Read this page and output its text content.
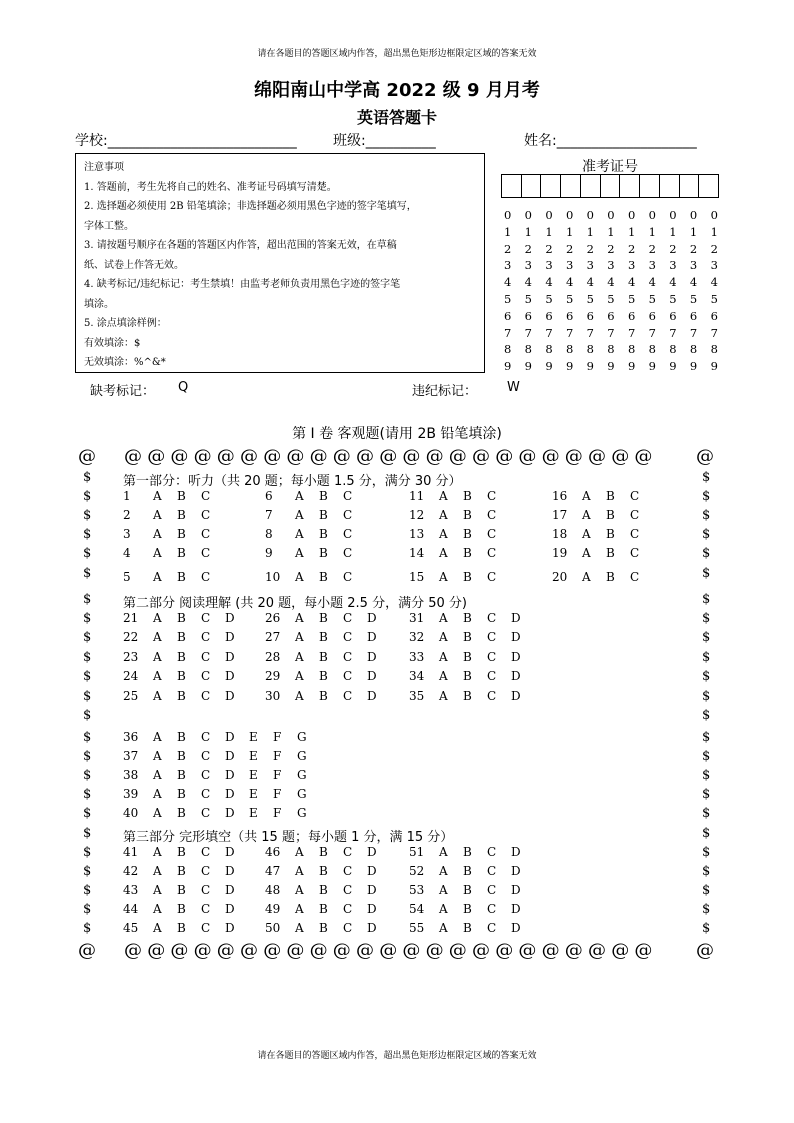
请在各题目的答题区域内作答，超出黑色矩形边框限定区域的答案无效
绵阳南山中学高 2022 级 9 月月考
英语答题卡
学校:___________________________	班级:__________	姓名:____________________
注意事项
1. 答题前，考生先将自己的姓名、准考证号码填写清楚。
2. 选择题必须使用 2B 铅笔填涂；非选择题必须用黑色字迹的签字笔填写，
字体工整。
3. 请按题号顺序在各题的答题区内作答，超出范围的答案无效，在草稿
纸、试卷上作答无效。
4. 缺考标记/违纪标记：考生禁填！由监考老师负责用黑色字迹的签字笔
填涂。
5. 涂点填涂样例：
有效填涂：$
无效填涂：%^&*
准考证号
0 0 0 0 0 0 0 0 0 0 0
1 1 1 1 1 1 1 1 1 1 1
2 2 2 2 2 2 2 2 2 2 2
3 3 3 3 3 3 3 3 3 3 3
4 4 4 4 4 4 4 4 4 4 4
5 5 5 5 5 5 5 5 5 5 5
6 6 6 6 6 6 6 6 6 6 6
7 7 7 7 7 7 7 7 7 7 7
8 8 8 8 8 8 8 8 8 8 8
9 9 9 9 9 9 9 9 9 9 9
缺考标记： Q	违纪标记： W
第 I 卷 客观题(请用 2B 铅笔填涂)
@ @ @ @ @ @ @ @ @ @ @ @ @ @ @ @ @ @ @ @ @ @ @ @ @
@ @ @ @ @ @ @ @ @ @ @ @ @ @ @ @ @ @ @ @ @ @ @ @ @
$	$
$	$
$	$
$	$
$	$
$	$
$	$
$	$
$	$
$	$
$	$
$	$
$	$
$	$
$	$
$	$
$	$
$	$
$	$
$	$
$	$
$	$
$	$
$	$
第一部分：听力（共 20 题；每小题 1.5 分，满分 30 分）
第二部分 阅读理解 (共 20 题，每小题 2.5 分，满分 50 分)
第三部分 完形填空（共 15 题；每小题 1 分，满 15 分）
1	A	B	C
2	A	B	C
3	A	B	C
4	A	B	C
5	A	B	C
6	A	B	C
7	A	B	C
8	A	B	C
9	A	B	C
10	A	B	C
11	A	B	C
12	A	B	C
13	A	B	C
14	A	B	C
15	A	B	C
16	A	B	C
17	A	B	C
18	A	B	C
19	A	B	C
20	A	B	C
21	A	B	C	D
22	A	B	C	D
23	A	B	C	D
24	A	B	C	D
25	A	B	C	D
26	A	B	C	D
27	A	B	C	D
28	A	B	C	D
29	A	B	C	D
30	A	B	C	D
31	A	B	C	D
32	A	B	C	D
33	A	B	C	D
34	A	B	C	D
35	A	B	C	D
36	A	B	C	D	E	F	G
37	A	B	C	D	E	F	G
38	A	B	C	D	E	F	G
39	A	B	C	D	E	F	G
40	A	B	C	D	E	F	G
41	A	B	C	D
42	A	B	C	D
43	A	B	C	D
44	A	B	C	D
45	A	B	C	D
46	A	B	C	D
47	A	B	C	D
48	A	B	C	D
49	A	B	C	D
50	A	B	C	D
51	A	B	C	D
52	A	B	C	D
53	A	B	C	D
54	A	B	C	D
55	A	B	C	D
请在各题目的答题区域内作答，超出黑色矩形边框限定区域的答案无效
